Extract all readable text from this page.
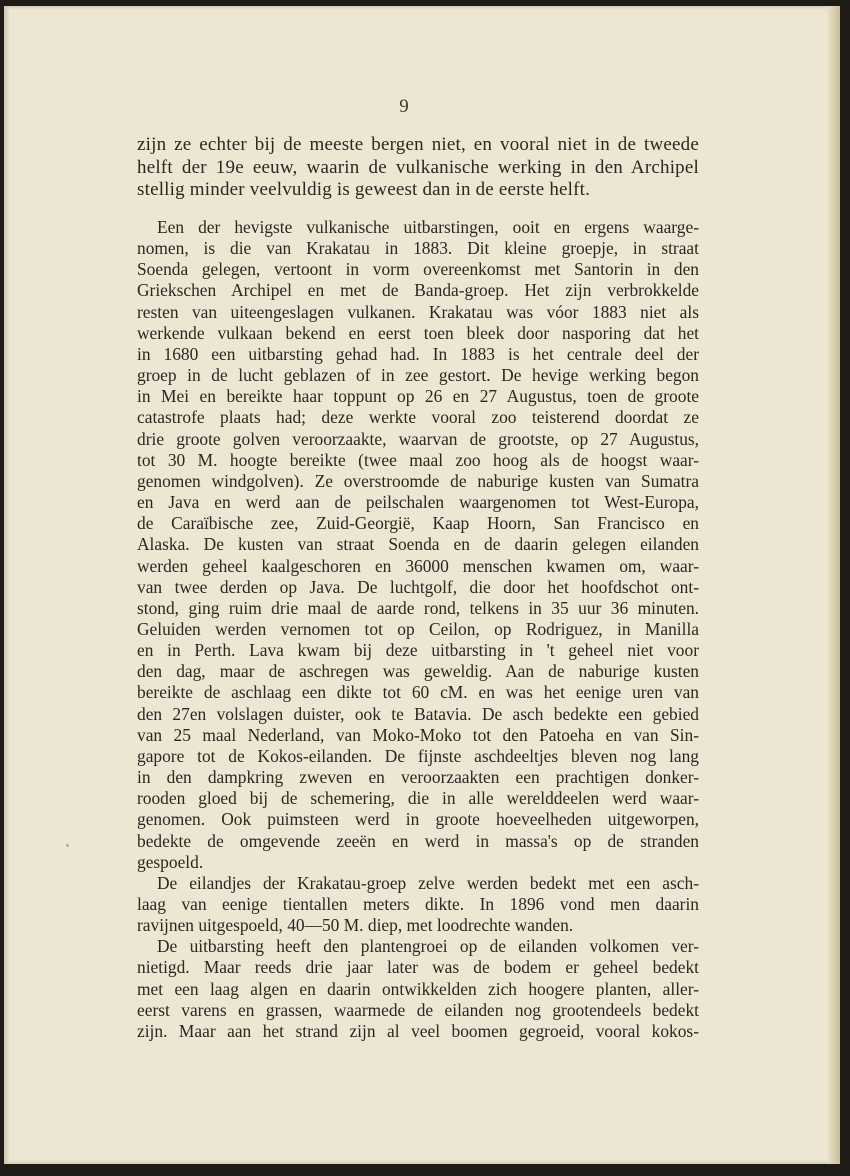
9
zijn ze echter bij de meeste bergen niet, en vooral niet in de tweede
helft der 19e eeuw, waarin de vulkanische werking in den Archipel
stellig minder veelvuldig is geweest dan in de eerste helft.
Een der hevigste vulkanische uitbarstingen, ooit en ergens waarge-
nomen, is die van Krakatau in 1883. Dit kleine groepje, in straat
Soenda gelegen, vertoont in vorm overeenkomst met Santorin in den
Griekschen Archipel en met de Banda-groep. Het zijn verbrokkelde
resten van uiteengeslagen vulkanen. Krakatau was vóor 1883 niet als
werkende vulkaan bekend en eerst toen bleek door nasporing dat het
in 1680 een uitbarsting gehad had. In 1883 is het centrale deel der
groep in de lucht geblazen of in zee gestort. De hevige werking begon
in Mei en bereikte haar toppunt op 26 en 27 Augustus, toen de groote
catastrofe plaats had; deze werkte vooral zoo teisterend doordat ze
drie groote golven veroorzaakte, waarvan de grootste, op 27 Augustus,
tot 30 M. hoogte bereikte (twee maal zoo hoog als de hoogst waar-
genomen windgolven). Ze overstroomde de naburige kusten van Sumatra
en Java en werd aan de peilschalen waargenomen tot West-Europa,
de Caraïbische zee, Zuid-Georgië, Kaap Hoorn, San Francisco en
Alaska. De kusten van straat Soenda en de daarin gelegen eilanden
werden geheel kaalgeschoren en 36000 menschen kwamen om, waar-
van twee derden op Java. De luchtgolf, die door het hoofdschot ont-
stond, ging ruim drie maal de aarde rond, telkens in 35 uur 36 minuten.
Geluiden werden vernomen tot op Ceilon, op Rodriguez, in Manilla
en in Perth. Lava kwam bij deze uitbarsting in 't geheel niet voor
den dag, maar de aschregen was geweldig. Aan de naburige kusten
bereikte de aschlaag een dikte tot 60 cM. en was het eenige uren van
den 27en volslagen duister, ook te Batavia. De asch bedekte een gebied
van 25 maal Nederland, van Moko-Moko tot den Patoeha en van Sin-
gapore tot de Kokos-eilanden. De fijnste aschdeeltjes bleven nog lang
in den dampkring zweven en veroorzaakten een prachtigen donker-
rooden gloed bij de schemering, die in alle werelddeelen werd waar-
genomen. Ook puimsteen werd in groote hoeveelheden uitgeworpen,
bedekte de omgevende zeeën en werd in massa's op de stranden
gespoeld.
De eilandjes der Krakatau-groep zelve werden bedekt met een asch-
laag van eenige tientallen meters dikte. In 1896 vond men daarin
ravijnen uitgespoeld, 40—50 M. diep, met loodrechte wanden.
De uitbarsting heeft den plantengroei op de eilanden volkomen ver-
nietigd. Maar reeds drie jaar later was de bodem er geheel bedekt
met een laag algen en daarin ontwikkelden zich hoogere planten, aller-
eerst varens en grassen, waarmede de eilanden nog grootendeels bedekt
zijn. Maar aan het strand zijn al veel boomen gegroeid, vooral kokos-
